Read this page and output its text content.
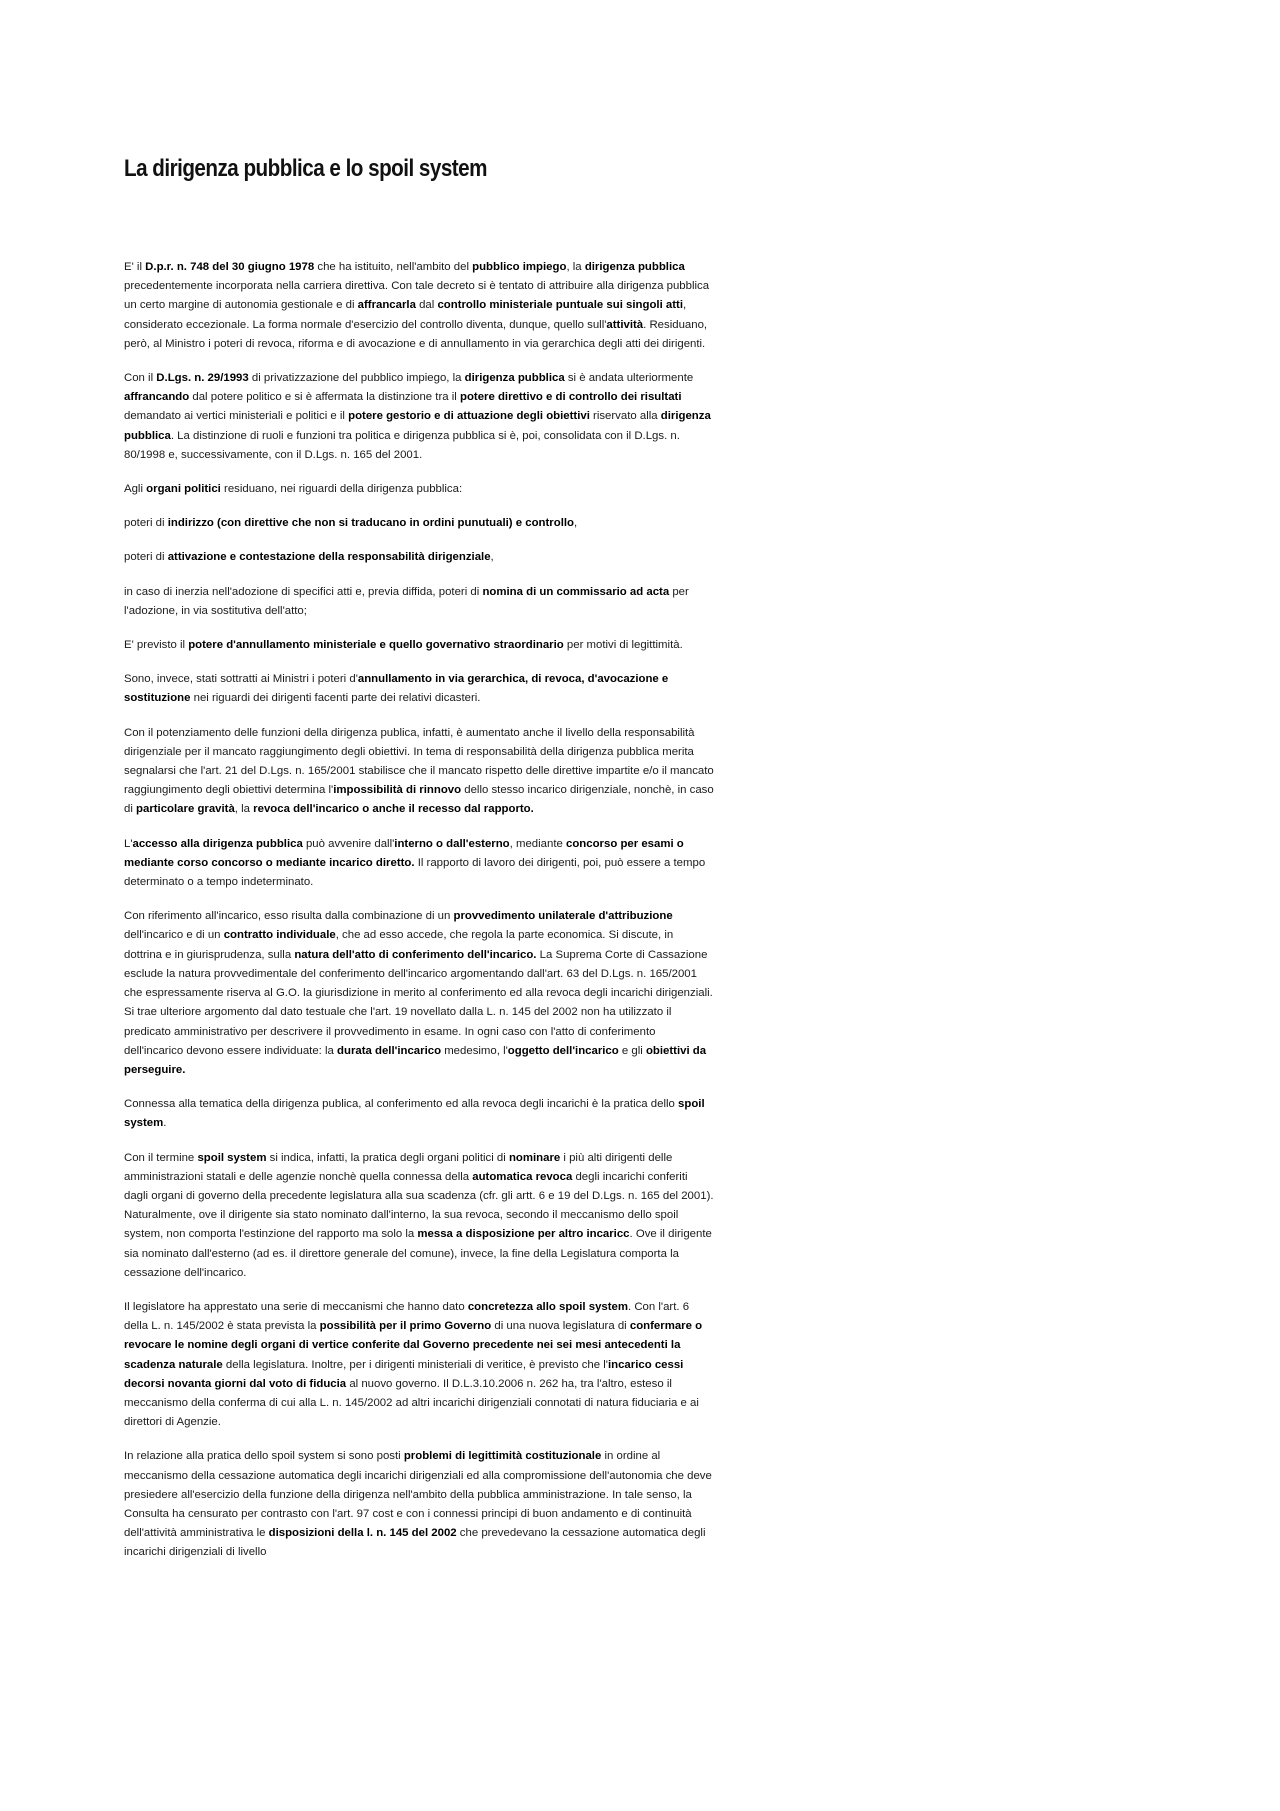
La dirigenza pubblica e lo spoil system

E' il D.p.r. n. 748 del 30 giugno 1978 che ha istituito, nell'ambito del pubblico impiego, la dirigenza pubblica precedentemente incorporata nella carriera direttiva. Con tale decreto si è tentato di attribuire alla dirigenza pubblica un certo margine di autonomia gestionale e di affrancarla dal controllo ministeriale puntuale sui singoli atti, considerato eccezionale. La forma normale d'esercizio del controllo diventa, dunque, quello sull'attività. Residuano, però, al Ministro i poteri di revoca, riforma e di avocazione e di annullamento in via gerarchica degli atti dei dirigenti.

Con il D.Lgs. n. 29/1993 di privatizzazione del pubblico impiego, la dirigenza pubblica si è andata ulteriormente affrancando dal potere politico e si è affermata la distinzione tra il potere direttivo e di controllo dei risultati demandato ai vertici ministeriali e politici e il potere gestorio e di attuazione degli obiettivi riservato alla dirigenza pubblica. La distinzione di ruoli e funzioni tra politica e dirigenza pubblica si è, poi, consolidata con il D.Lgs. n. 80/1998 e, successivamente, con il D.Lgs. n. 165 del 2001.

Agli organi politici residuano, nei riguardi della dirigenza pubblica:

poteri di indirizzo (con direttive che non si traducano in ordini punutuali) e controllo,

poteri di attivazione e contestazione della responsabilità dirigenziale,

in caso di inerzia nell'adozione di specifici atti e, previa diffida, poteri di nomina di un commissario ad acta per l'adozione, in via sostitutiva dell'atto;

E' previsto il potere d'annullamento ministeriale e quello governativo straordinario per motivi di legittimità.

Sono, invece, stati sottratti ai Ministri i poteri d'annullamento in via gerarchica, di revoca, d'avocazione e sostituzione nei riguardi dei dirigenti facenti parte dei relativi dicasteri.

Con il potenziamento delle funzioni della dirigenza publica, infatti, è aumentato anche il livello della responsabilità dirigenziale per il mancato raggiungimento degli obiettivi. In tema di responsabilità della dirigenza pubblica merita segnalarsi che l'art. 21 del D.Lgs. n. 165/2001 stabilisce che il mancato rispetto delle direttive impartite e/o il mancato raggiungimento degli obiettivi determina l'impossibilità di rinnovo dello stesso incarico dirigenziale, nonchè, in caso di particolare gravità, la revoca dell'incarico o anche il recesso dal rapporto.

L'accesso alla dirigenza pubblica può avvenire dall'interno o dall'esterno, mediante concorso per esami o mediante corso concorso o mediante incarico diretto. Il rapporto di lavoro dei dirigenti, poi, può essere a tempo determinato o a tempo indeterminato.

Con riferimento all'incarico, esso risulta dalla combinazione di un provvedimento unilaterale d'attribuzione dell'incarico e di un contratto individuale, che ad esso accede, che regola la parte economica. Si discute, in dottrina e in giurisprudenza, sulla natura dell'atto di conferimento dell'incarico. La Suprema Corte di Cassazione esclude la natura provvedimentale del conferimento dell'incarico argomentando dall'art. 63 del D.Lgs. n. 165/2001 che espressamente riserva al G.O. la giurisdizione in merito al conferimento ed alla revoca degli incarichi dirigenziali. Si trae ulteriore argomento dal dato testuale che l'art. 19 novellato dalla L. n. 145 del 2002 non ha utilizzato il predicato amministrativo per descrivere il provvedimento in esame. In ogni caso con l'atto di conferimento dell'incarico devono essere individuate: la durata dell'incarico medesimo, l'oggetto dell'incarico e gli obiettivi da perseguire.

Connessa alla tematica della dirigenza publica, al conferimento ed alla revoca degli incarichi è la pratica dello spoil system.

Con il termine spoil system si indica, infatti, la pratica degli organi politici di nominare i più alti dirigenti delle amministrazioni statali e delle agenzie nonchè quella connessa della automatica revoca degli incarichi conferiti dagli organi di governo della precedente legislatura alla sua scadenza (cfr. gli artt. 6 e 19 del D.Lgs. n. 165 del 2001). Naturalmente, ove il dirigente sia stato nominato dall'interno, la sua revoca, secondo il meccanismo dello spoil system, non comporta l'estinzione del rapporto ma solo la messa a disposizione per altro incaricc. Ove il dirigente sia nominato dall'esterno (ad es. il direttore generale del comune), invece, la fine della Legislatura comporta la cessazione dell'incarico.

Il legislatore ha apprestato una serie di meccanismi che hanno dato concretezza allo spoil system. Con l'art. 6 della L. n. 145/2002 è stata prevista la possibilità per il primo Governo di una nuova legislatura di confermare o revocare le nomine degli organi di vertice conferite dal Governo precedente nei sei mesi antecedenti la scadenza naturale della legislatura. Inoltre, per i dirigenti ministeriali di veritice, è previsto che l'incarico cessi decorsi novanta giorni dal voto di fiducia al nuovo governo. Il D.L.3.10.2006 n. 262 ha, tra l'altro, esteso il meccanismo della conferma di cui alla L. n. 145/2002 ad altri incarichi dirigenziali connotati di natura fiduciaria e ai direttori di Agenzie.

In relazione alla pratica dello spoil system si sono posti problemi di legittimità costituzionale in ordine al meccanismo della cessazione automatica degli incarichi dirigenziali ed alla compromissione dell'autonomia che deve presiedere all'esercizio della funzione della dirigenza nell'ambito della pubblica amministrazione. In tale senso, la Consulta ha censurato per contrasto con l'art. 97 cost e con i connessi principi di buon andamento e di continuità dell'attività amministrativa le disposizioni della l. n. 145 del 2002 che prevedevano la cessazione automatica degli incarichi dirigenziali di livello
